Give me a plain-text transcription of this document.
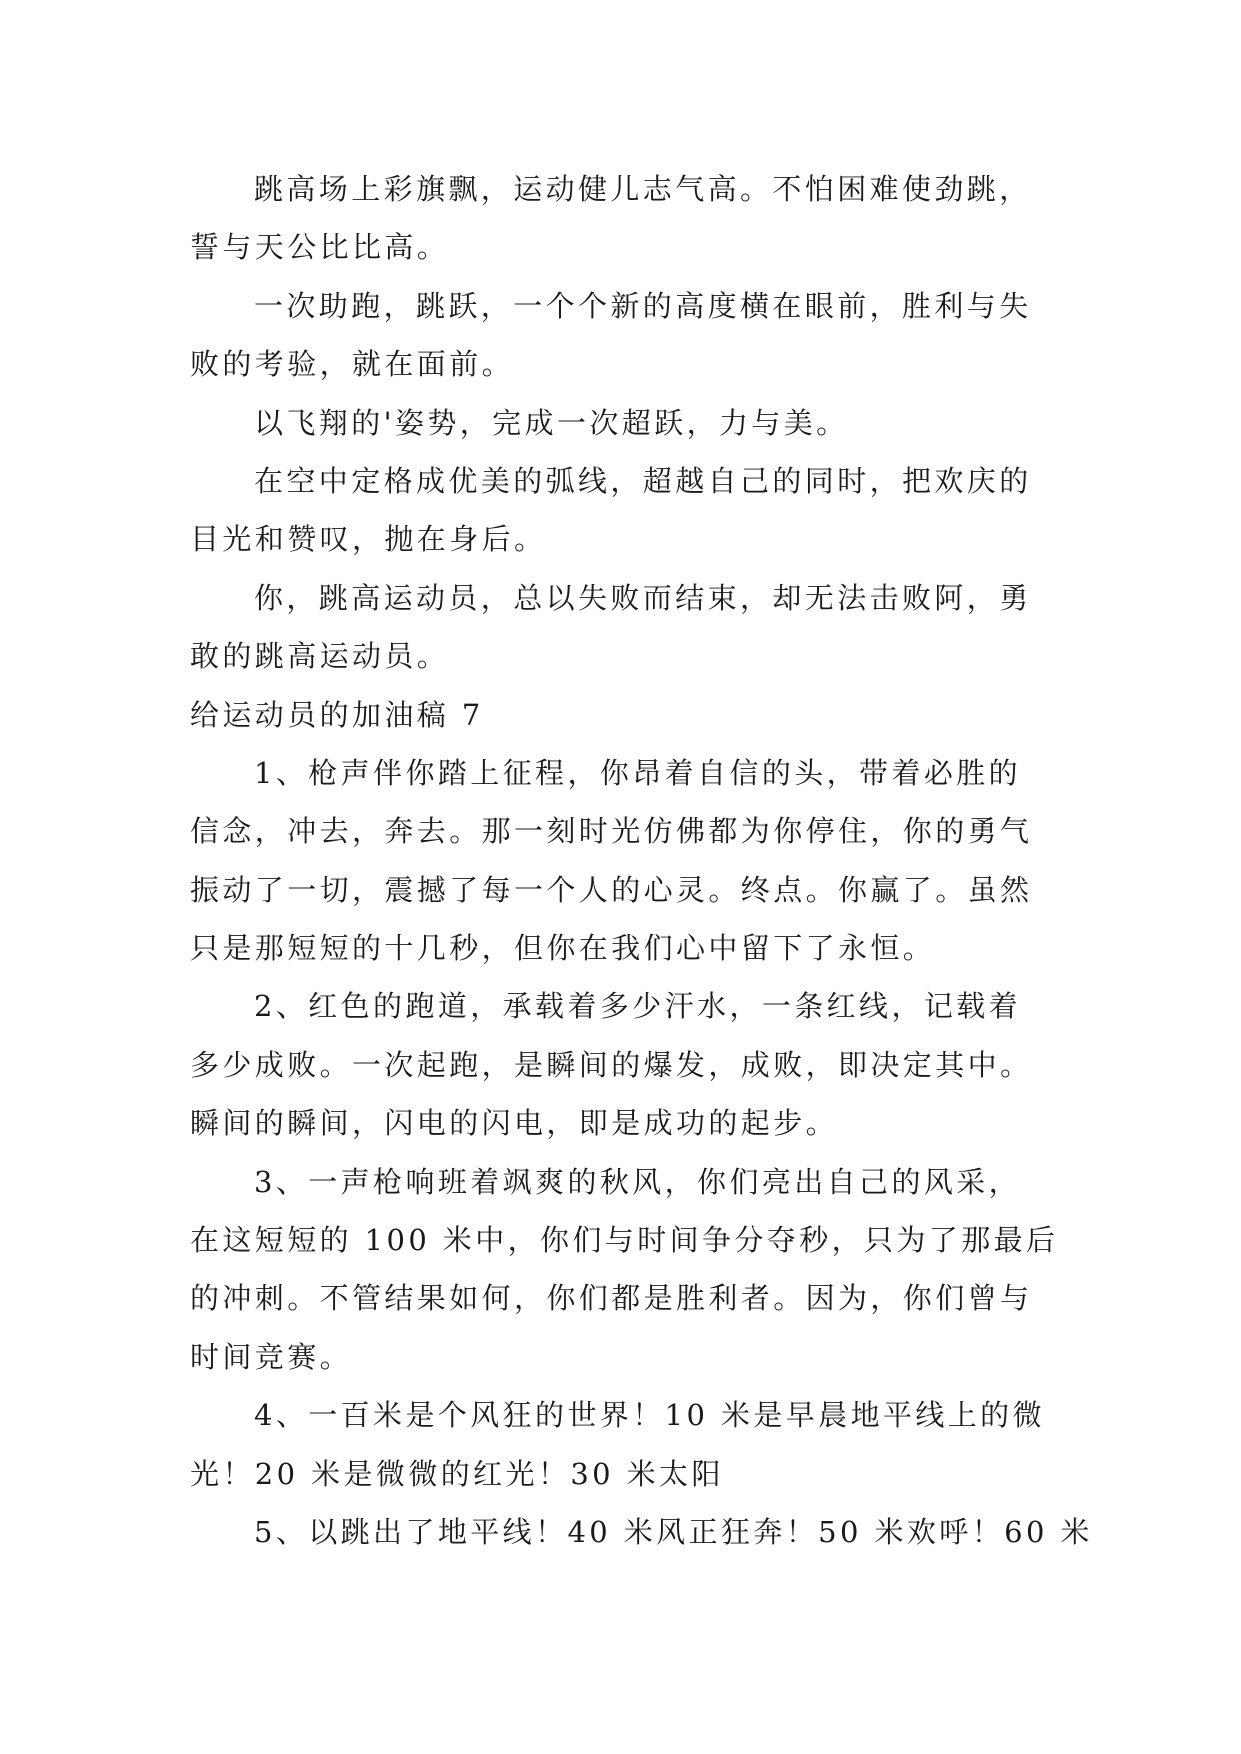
跳高场上彩旗飘，运动健儿志气高。不怕困难使劲跳，

誓与天公比比高。

一次助跑，跳跃，一个个新的高度横在眼前，胜利与失

败的考验，就在面前。

以飞翔的'姿势，完成一次超跃，力与美。

在空中定格成优美的弧线，超越自己的同时，把欢庆的

目光和赞叹，抛在身后。

你，跳高运动员，总以失败而结束，却无法击败阿，勇

敢的跳高运动员。

给运动员的加油稿 7

1、枪声伴你踏上征程，你昂着自信的头，带着必胜的

信念，冲去，奔去。那一刻时光仿佛都为你停住，你的勇气

振动了一切，震撼了每一个人的心灵。终点。你赢了。虽然

只是那短短的十几秒，但你在我们心中留下了永恒。

2、红色的跑道，承载着多少汗水，一条红线，记载着

多少成败。一次起跑，是瞬间的爆发，成败，即决定其中。

瞬间的瞬间，闪电的闪电，即是成功的起步。

3、一声枪响班着飒爽的秋风，你们亮出自己的风采，

在这短短的 100 米中，你们与时间争分夺秒，只为了那最后

的冲刺。不管结果如何，你们都是胜利者。因为，你们曾与

时间竞赛。

4、一百米是个风狂的世界！10 米是早晨地平线上的微

光！20 米是微微的红光！30 米太阳

5、以跳出了地平线！40 米风正狂奔！50 米欢呼！60 米
